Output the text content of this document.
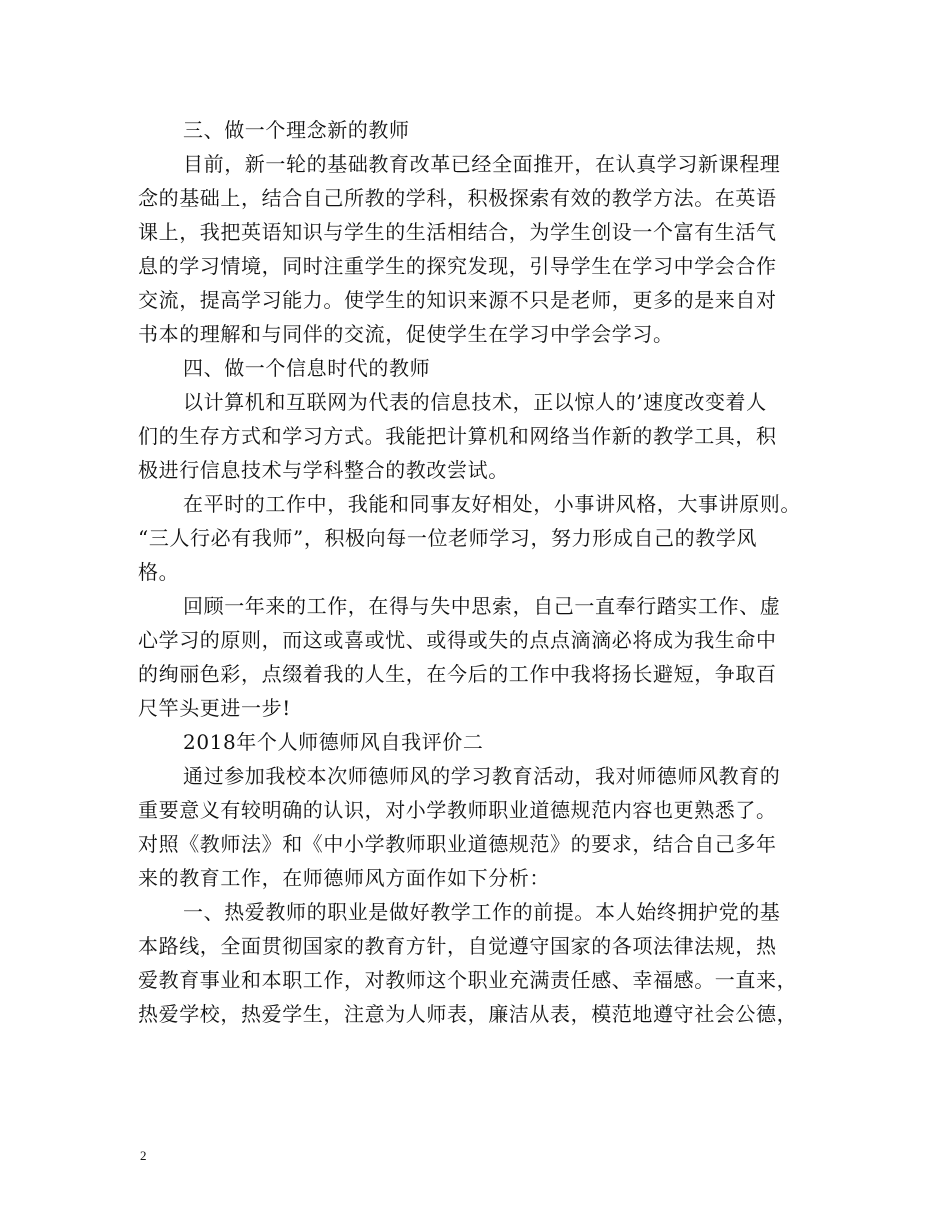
三、做一个理念新的教师
目前，新一轮的基础教育改革已经全面推开，在认真学习新课程理
念的基础上，结合自己所教的学科，积极探索有效的教学方法。在英语
课上，我把英语知识与学生的生活相结合，为学生创设一个富有生活气
息的学习情境，同时注重学生的探究发现，引导学生在学习中学会合作
交流，提高学习能力。使学生的知识来源不只是老师，更多的是来自对
书本的理解和与同伴的交流，促使学生在学习中学会学习。
四、做一个信息时代的教师
以计算机和互联网为代表的信息技术，正以惊人的’速度改变着人
们的生存方式和学习方式。我能把计算机和网络当作新的教学工具，积
极进行信息技术与学科整合的教改尝试。
在平时的工作中，我能和同事友好相处，小事讲风格，大事讲原则。
“三人行必有我师”，积极向每一位老师学习，努力形成自己的教学风
格。
回顾一年来的工作，在得与失中思索，自己一直奉行踏实工作、虚
心学习的原则，而这或喜或忧、或得或失的点点滴滴必将成为我生命中
的绚丽色彩，点缀着我的人生，在今后的工作中我将扬长避短，争取百
尺竿头更进一步!
2018年个人师德师风自我评价二
通过参加我校本次师德师风的学习教育活动，我对师德师风教育的
重要意义有较明确的认识，对小学教师职业道德规范内容也更熟悉了。
对照《教师法》和《中小学教师职业道德规范》的要求，结合自己多年
来的教育工作，在师德师风方面作如下分析：
一、热爱教师的职业是做好教学工作的前提。本人始终拥护党的基
本路线，全面贯彻国家的教育方针，自觉遵守国家的各项法律法规，热
爱教育事业和本职工作，对教师这个职业充满责任感、幸福感。一直来，
热爱学校，热爱学生，注意为人师表，廉洁从表，模范地遵守社会公德，
2
